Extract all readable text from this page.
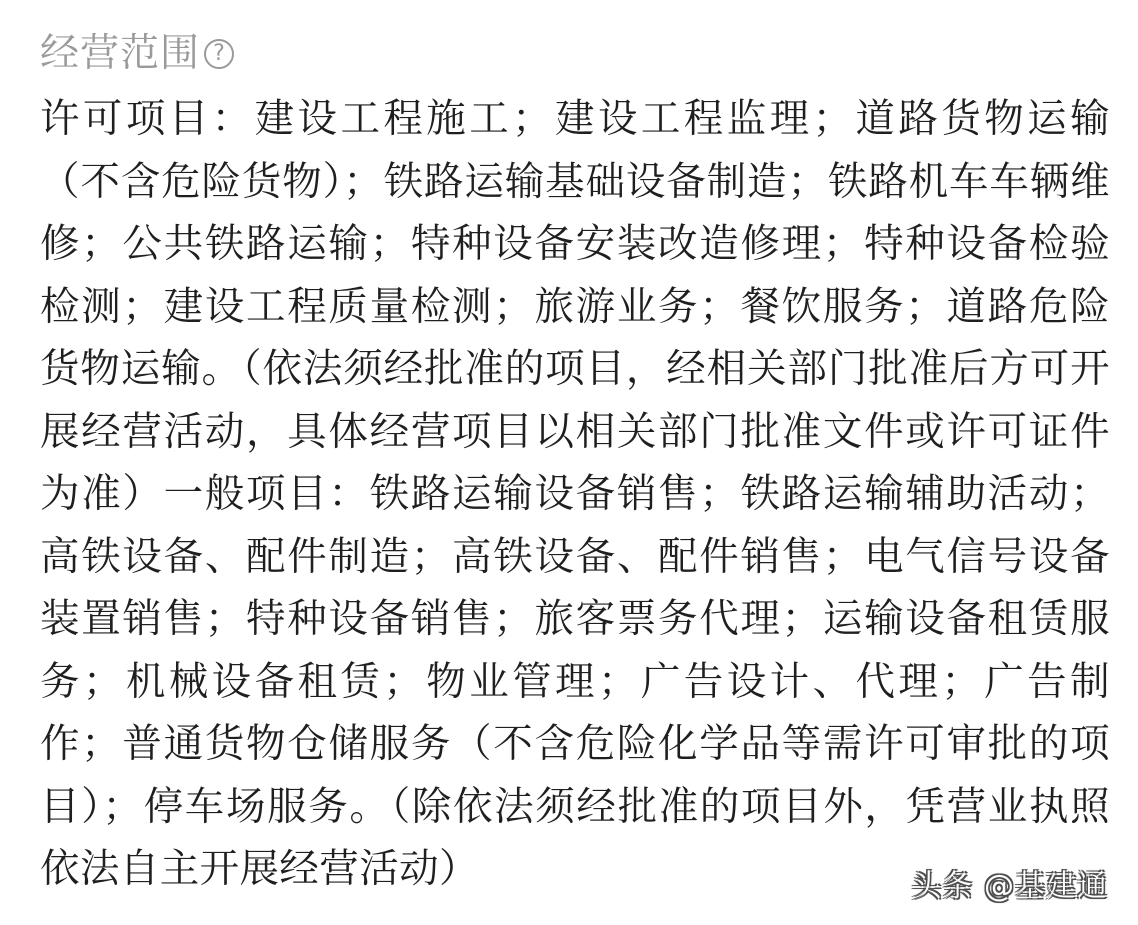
经营范围 ?

许可项目：建设工程施工；建设工程监理；道路货物运输（不含危险货物）；铁路运输基础设备制造；铁路机车车辆维修；公共铁路运输；特种设备安装改造修理；特种设备检验检测；建设工程质量检测；旅游业务；餐饮服务；道路危险货物运输。（依法须经批准的项目，经相关部门批准后方可开展经营活动，具体经营项目以相关部门批准文件或许可证件为准）一般项目：铁路运输设备销售；铁路运输辅助活动；高铁设备、配件制造；高铁设备、配件销售；电气信号设备装置销售；特种设备销售；旅客票务代理；运输设备租赁服务；机械设备租赁；物业管理；广告设计、代理；广告制作；普通货物仓储服务（不含危险化学品等需许可审批的项目）；停车场服务。（除依法须经批准的项目外，凭营业执照依法自主开展经营活动）	头条 @基建通
